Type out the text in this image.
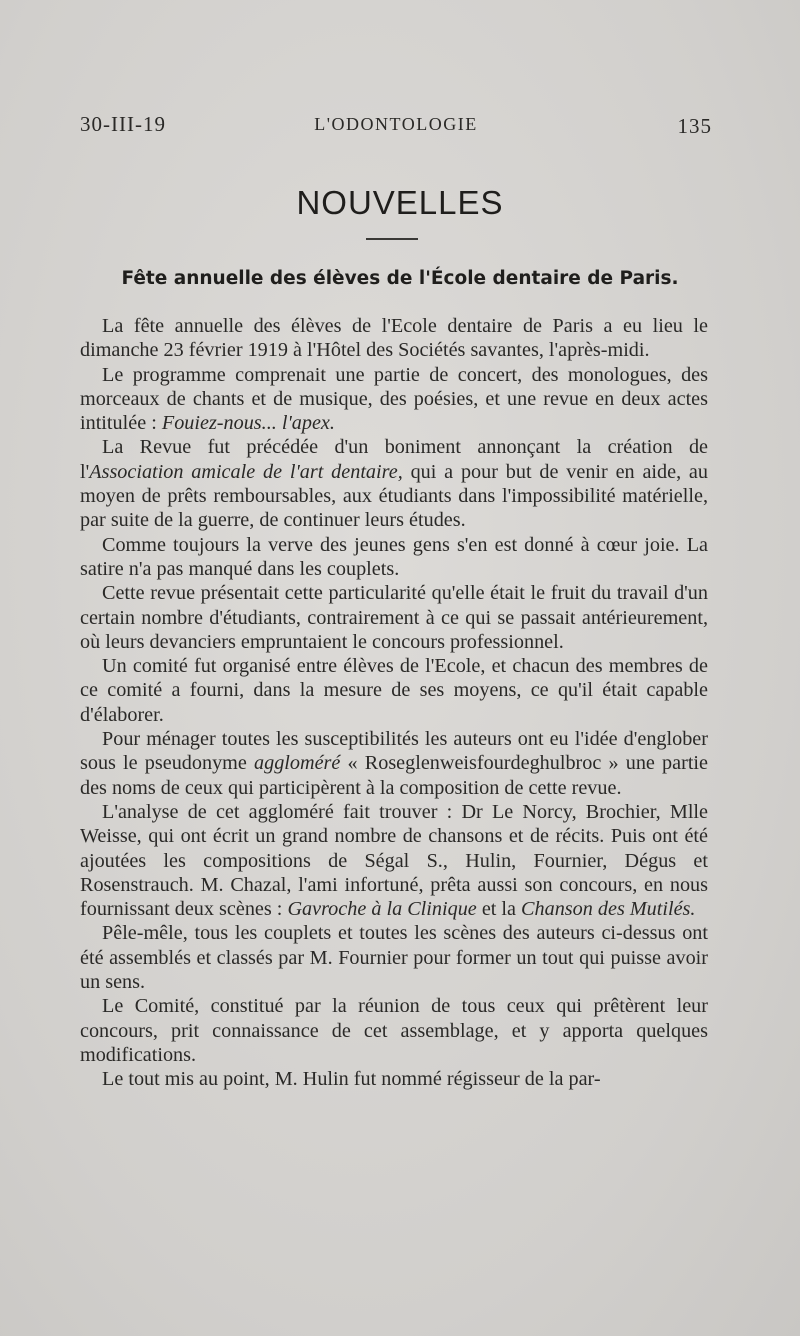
30-III-19	L'ODONTOLOGIE	135
NOUVELLES
Fête annuelle des élèves de l'École dentaire de Paris.

La fête annuelle des élèves de l'Ecole dentaire de Paris a eu lieu le dimanche 23 février 1919 à l'Hôtel des Sociétés savantes, l'après-midi.

Le programme comprenait une partie de concert, des monologues, des morceaux de chants et de musique, des poésies, et une revue en deux actes intitulée : Fouiez-nous... l'apex.

La Revue fut précédée d'un boniment annonçant la création de l'Association amicale de l'art dentaire, qui a pour but de venir en aide, au moyen de prêts remboursables, aux étudiants dans l'impossibilité matérielle, par suite de la guerre, de continuer leurs études.

Comme toujours la verve des jeunes gens s'en est donné à cœur joie. La satire n'a pas manqué dans les couplets.

Cette revue présentait cette particularité qu'elle était le fruit du travail d'un certain nombre d'étudiants, contrairement à ce qui se passait antérieurement, où leurs devanciers empruntaient le concours professionnel.

Un comité fut organisé entre élèves de l'Ecole, et chacun des membres de ce comité a fourni, dans la mesure de ses moyens, ce qu'il était capable d'élaborer.

Pour ménager toutes les susceptibilités les auteurs ont eu l'idée d'englober sous le pseudonyme aggloméré « Roseglenweisfourdeghulbroc » une partie des noms de ceux qui participèrent à la composition de cette revue.

L'analyse de cet aggloméré fait trouver : Dr Le Norcy, Brochier, Mlle Weisse, qui ont écrit un grand nombre de chansons et de récits. Puis ont été ajoutées les compositions de Ségal S., Hulin, Fournier, Dégus et Rosenstrauch. M. Chazal, l'ami infortuné, prêta aussi son concours, en nous fournissant deux scènes : Gavroche à la Clinique et la Chanson des Mutilés.

Pêle-mêle, tous les couplets et toutes les scènes des auteurs ci-dessus ont été assemblés et classés par M. Fournier pour former un tout qui puisse avoir un sens.

Le Comité, constitué par la réunion de tous ceux qui prêtèrent leur concours, prit connaissance de cet assemblage, et y apporta quelques modifications.

Le tout mis au point, M. Hulin fut nommé régisseur de la par-
